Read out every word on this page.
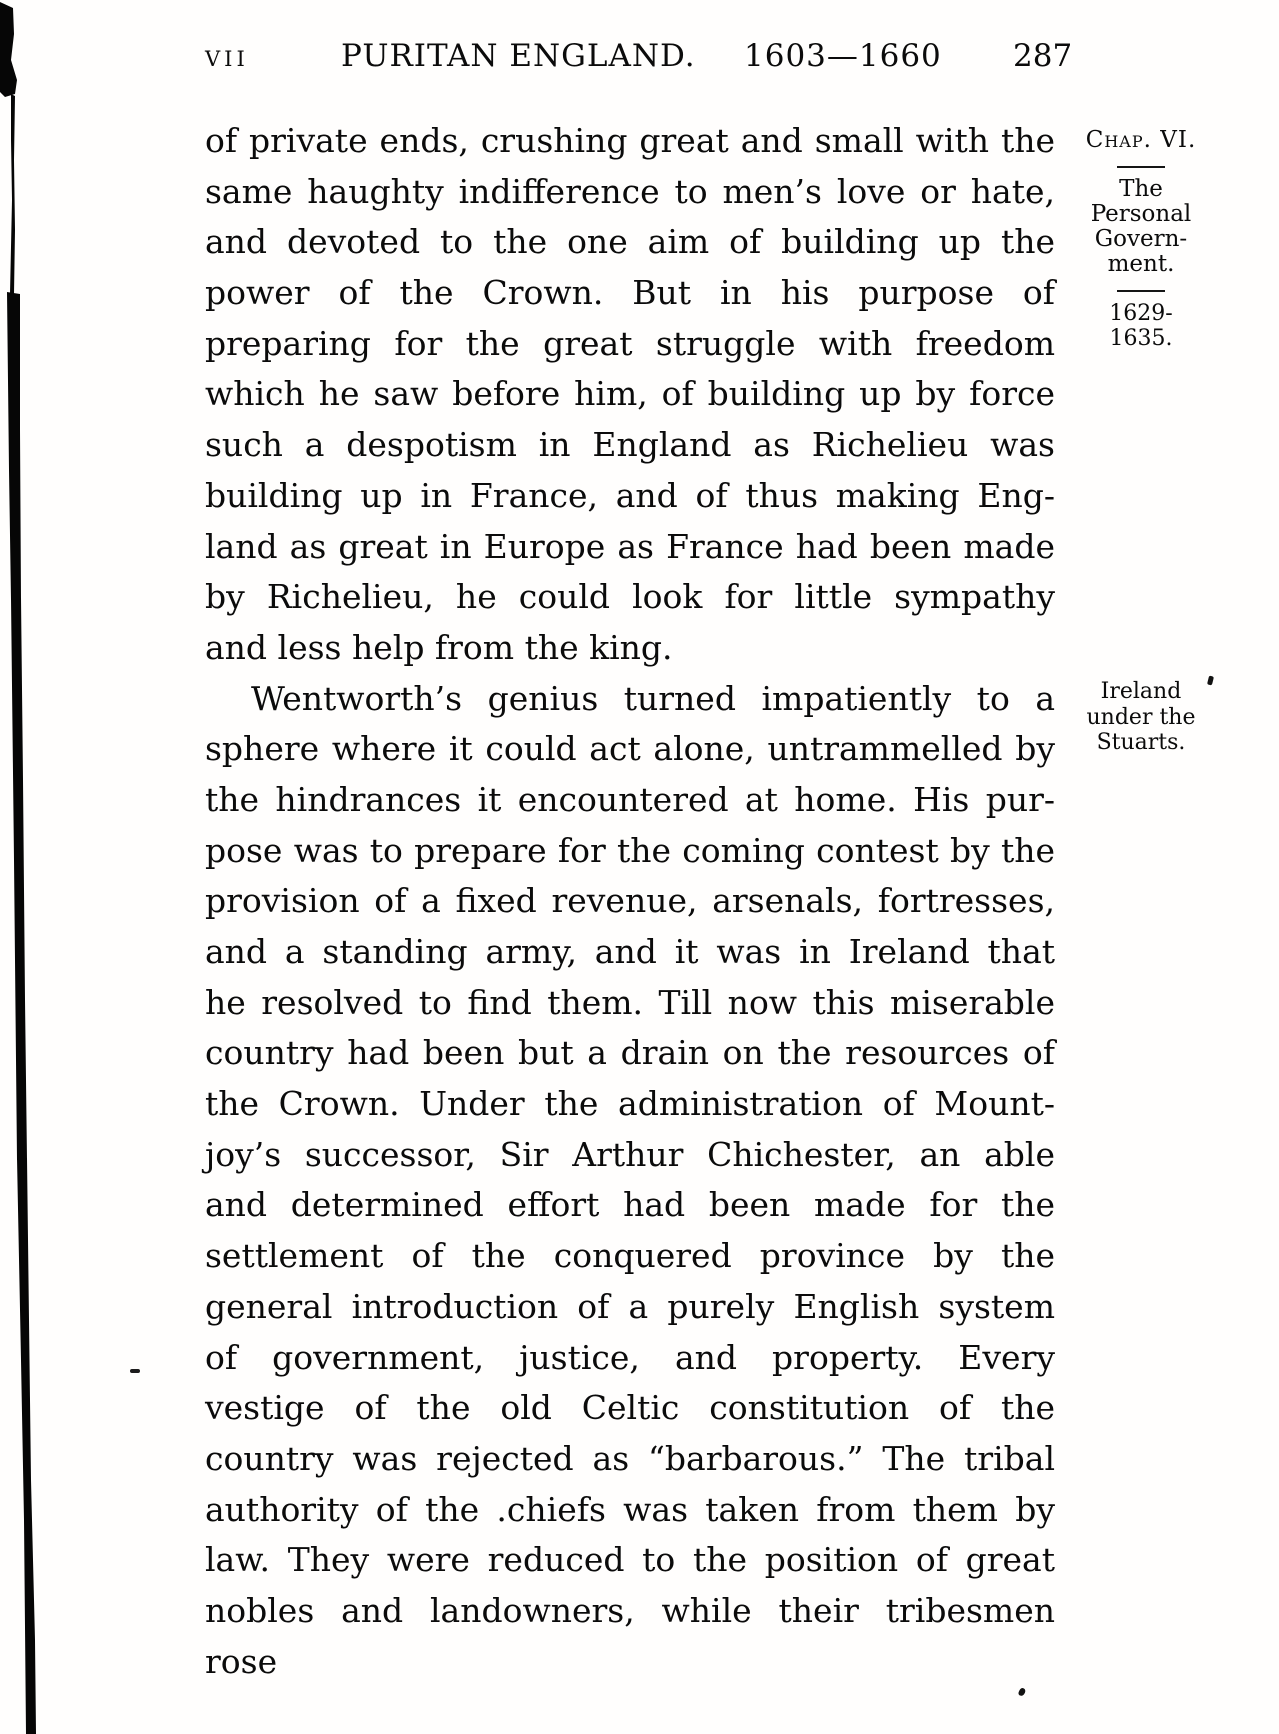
VII	PURITAN ENGLAND. 1603—1660 287
of private ends, crushing great and small with the
same haughty indifference to men’s love or hate,
and devoted to the one aim of building up the
power of the Crown. But in his purpose of
preparing for the great struggle with freedom
which he saw before him, of building up by force
such a despotism in England as Richelieu was
building up in France, and of thus making Eng-
land as great in Europe as France had been made
by Richelieu, he could look for little sympathy
and less help from the king.
Wentworth’s genius turned impatiently to a
sphere where it could act alone, untrammelled by
the hindrances it encountered at home. His pur-
pose was to prepare for the coming contest by the
provision of a fixed revenue, arsenals, fortresses,
and a standing army, and it was in Ireland that
he resolved to find them. Till now this miserable
country had been but a drain on the resources of
the Crown. Under the administration of Mount-
joy’s successor, Sir Arthur Chichester, an able
and determined effort had been made for the
settlement of the conquered province by the
general introduction of a purely English system
of government, justice, and property. Every
vestige of the old Celtic constitution of the
country was rejected as “barbarous.” The tribal
authority of the .chiefs was taken from them by
law. They were reduced to the position of great
nobles and landowners, while their tribesmen rose
Chap. VI.
The
Personal
Govern-
ment.
1629-1635.
Ireland
under the
Stuarts.
